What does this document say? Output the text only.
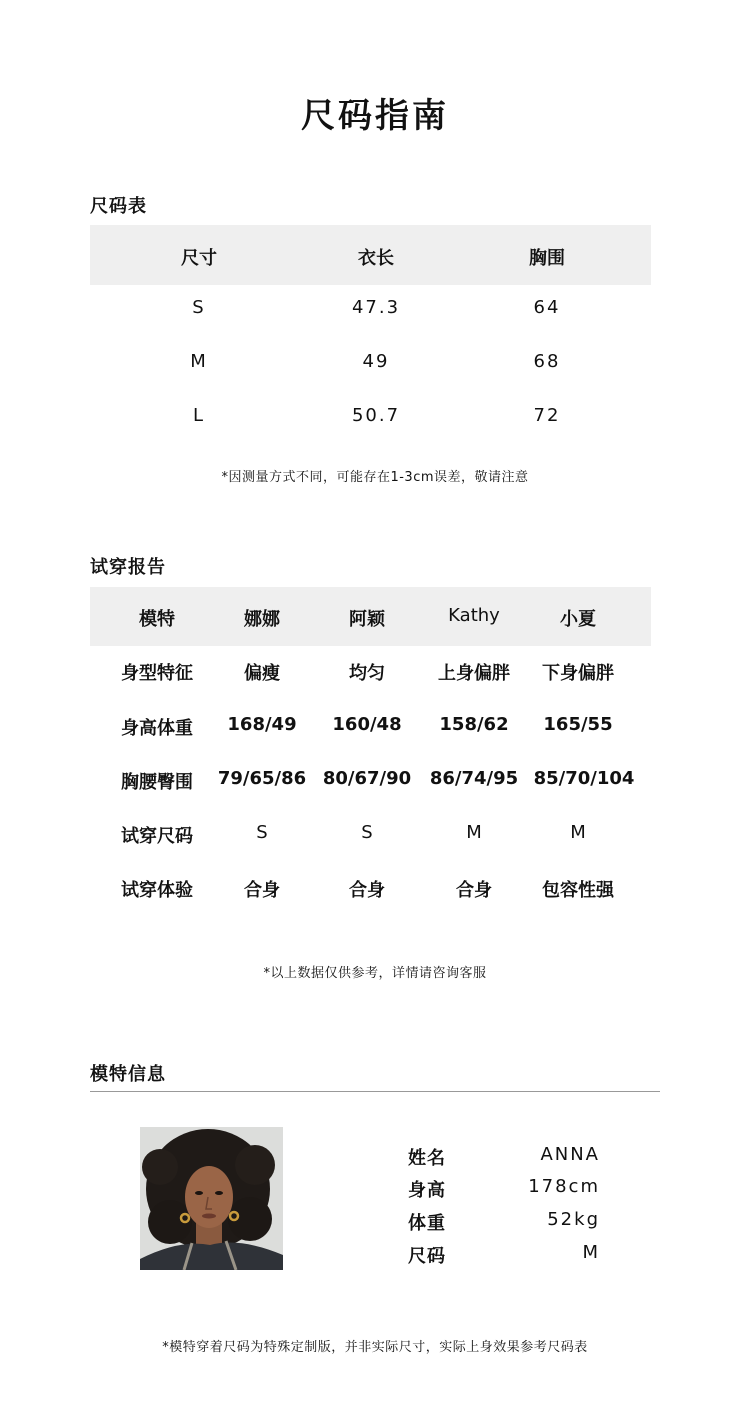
尺码指南
尺码表
尺寸	衣长	胸围
S	47.3	64
M	49	68
L	50.7	72
*因测量方式不同，可能存在1-3cm误差，敬请注意
试穿报告
模特	娜娜	阿颖	Kathy	小夏
身型特征	偏瘦	均匀	上身偏胖 下身偏胖
身高体重 168/49 160/48 158/62 165/55
胸腰臀围 79/65/86 80/67/90 86/74/95 85/70/104
试穿尺码	S	S	M	M
试穿体验	合身	合身	合身	包容性强
*以上数据仅供参考，详情请咨询客服
模特信息
姓名	ANNA
身高	178cm
体重	52kg
尺码	M
*模特穿着尺码为特殊定制版，并非实际尺寸，实际上身效果参考尺码表
